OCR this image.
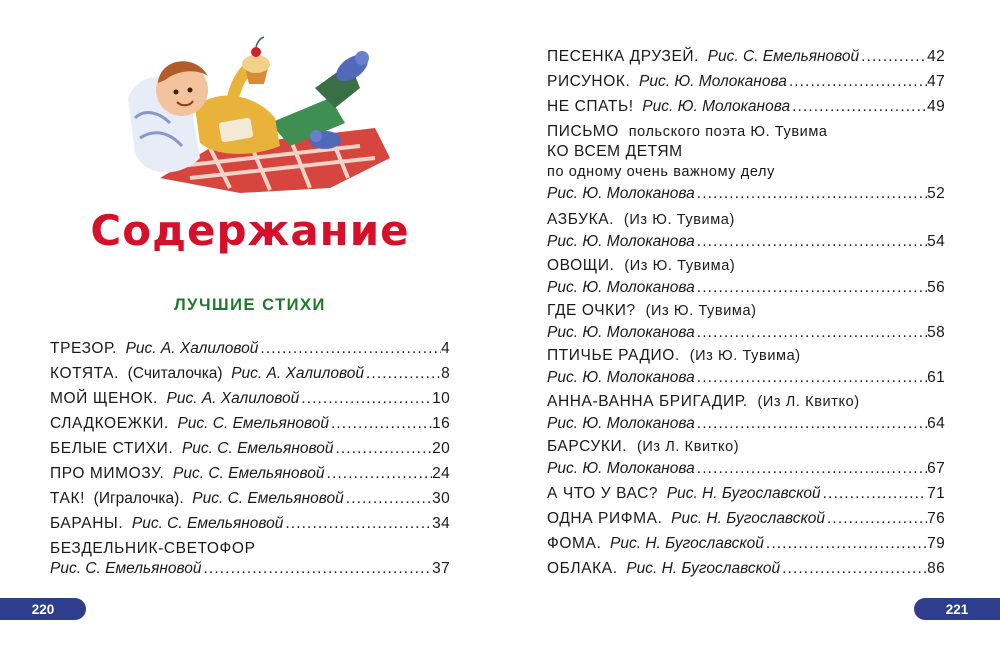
Содержание
ЛУЧШИЕ СТИХИ
ТРЕЗОР.
Рис. А. Халиловой . . .	4
КОТЯТА.
(Считалочка)
Рис. А. Халиловой . . .	8
МОЙ ЩЕНОК.
Рис. А. Халиловой . . .	10
СЛАДКОЕЖКИ.
Рис. С. Емельяновой . . .	16
БЕЛЫЕ СТИХИ.
Рис. С. Емельяновой . . .	20
ПРО МИМОЗУ.
Рис. С. Емельяновой . . .	24
ТАК!
(Игралочка).
Рис. С. Емельяновой . . .	30
БАРАНЫ.
Рис. С. Емельяновой . . .	34
БЕЗДЕЛЬНИК-СВЕТОФОР
Рис. С. Емельяновой . . .	37
220
ПЕСЕНКА ДРУЗЕЙ.
Рис. С. Емельяновой . . .	42
РИСУНОК.
Рис. Ю. Молоканова . . .	47
НЕ СПАТЬ!
Рис. Ю. Молоканова . . .	49
ПИСЬМО польского поэта Ю. Тувима
КО ВСЕМ ДЕТЯМ
по одному очень важному делу
Рис. Ю. Молоканова . . .	52
АЗБУКА. (Из Ю. Тувима)
Рис. Ю. Молоканова . . .	54
ОВОЩИ. (Из Ю. Тувима)
Рис. Ю. Молоканова . . .	56
ГДЕ ОЧКИ? (Из Ю. Тувима)
Рис. Ю. Молоканова . . .	58
ПТИЧЬЕ РАДИО. (Из Ю. Тувима)
Рис. Ю. Молоканова . . .	61
АННА-ВАННА БРИГАДИР. (Из Л. Квитко)
Рис. Ю. Молоканова . . .	64
БАРСУКИ. (Из Л. Квитко)
Рис. Ю. Молоканова . . .	67
А ЧТО У ВАС?
Рис. Н. Бугославской . . .	71
ОДНА РИФМА.
Рис. Н. Бугославской . . .	76
ФОМА.
Рис. Н. Бугославской . . .	79
ОБЛАКА.
Рис. Н. Бугославской . . .	86
221
